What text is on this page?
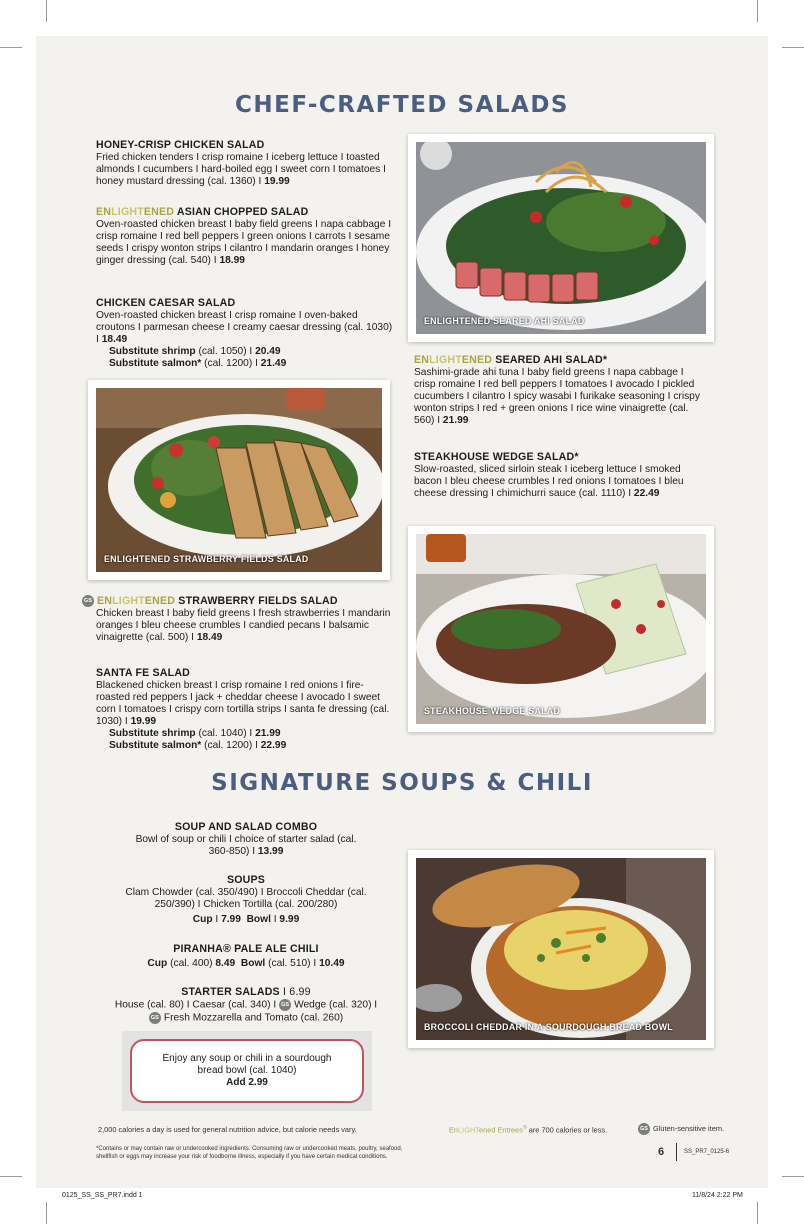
CHEF-CRAFTED SALADS
HONEY-CRISP CHICKEN SALAD

Fried chicken tenders I crisp romaine I iceberg lettuce I toasted almonds I cucumbers I hard-boiled egg I sweet corn I tomatoes I honey mustard dressing (cal. 1360) I 19.99

ENLIGHTENED ASIAN CHOPPED SALAD

Oven-roasted chicken breast I baby field greens I napa cabbage I crisp romaine I red bell peppers I green onions I carrots I sesame seeds I crispy wonton strips I cilantro I mandarin oranges I honey ginger dressing (cal. 540) I 18.99

CHICKEN CAESAR SALAD

Oven-roasted chicken breast I crisp romaine I oven-baked croutons I parmesan cheese I creamy caesar dressing (cal. 1030) I 18.49

Substitute shrimp (cal. 1050) I 20.49

Substitute salmon* (cal. 1200) I 21.49

ENLIGHTENED STRAWBERRY FIELDS SALAD
GS ENLIGHTENED STRAWBERRY FIELDS SALAD

Chicken breast I baby field greens I fresh strawberries I mandarin oranges I bleu cheese crumbles I candied pecans I balsamic vinaigrette (cal. 500) I 18.49

SANTA FE SALAD

Blackened chicken breast I crisp romaine I red onions I fire-roasted red peppers I jack + cheddar cheese I avocado I sweet corn I tomatoes I crispy corn tortilla strips I santa fe dressing (cal. 1030) I 19.99

Substitute shrimp (cal. 1040) I 21.99

Substitute salmon* (cal. 1200) I 22.99

ENLIGHTENED SEARED AHI SALAD
ENLIGHTENED SEARED AHI SALAD*

Sashimi-grade ahi tuna I baby field greens I napa cabbage I crisp romaine I red bell peppers I tomatoes I avocado I pickled cucumbers I cilantro I spicy wasabi I furikake seasoning I crispy wonton strips I red + green onions I rice wine vinaigrette (cal. 560) I 21.99

STEAKHOUSE WEDGE SALAD*

Slow-roasted, sliced sirloin steak I iceberg lettuce I smoked bacon I bleu cheese crumbles I red onions I tomatoes I bleu cheese dressing I chimichurri sauce (cal. 1110) I 22.49

STEAKHOUSE WEDGE SALAD
SIGNATURE SOUPS & CHILI
SOUP AND SALAD COMBO

Bowl of soup or chili I choice of starter salad (cal. 360-850) I 13.99

SOUPS

Clam Chowder (cal. 350/490) I Broccoli Cheddar (cal. 250/390) I Chicken Tortilla (cal. 200/280)

Cup I 7.99 Bowl I 9.99

PIRANHA® PALE ALE CHILI

Cup (cal. 400) 8.49 Bowl (cal. 510) I 10.49

STARTER SALADS I 6.99

House (cal. 80) I Caesar (cal. 340) I GS Wedge (cal. 320) I

GS Fresh Mozzarella and Tomato (cal. 260)

Enjoy any soup or chili in a sourdough
bread bowl (cal. 1040)
Add 2.99
BROCCOLI CHEDDAR IN A SOURDOUGH BREAD BOWL
2,000 calories a day is used for general nutrition advice, but calorie needs vary.	EnLIGHTened Entrees® are 700 calories or less.	GS Gluten-sensitive item.
*Contains or may contain raw or undercooked ingredients. Consuming raw or undercooked meats, poultry, seafood,
shellfish or eggs may increase your risk of foodborne illness, especially if you have certain medical conditions.	6	SS_PR7_0125-6
0125_SS_SS_PR7.indd 1	11/8/24 2:22 PM
